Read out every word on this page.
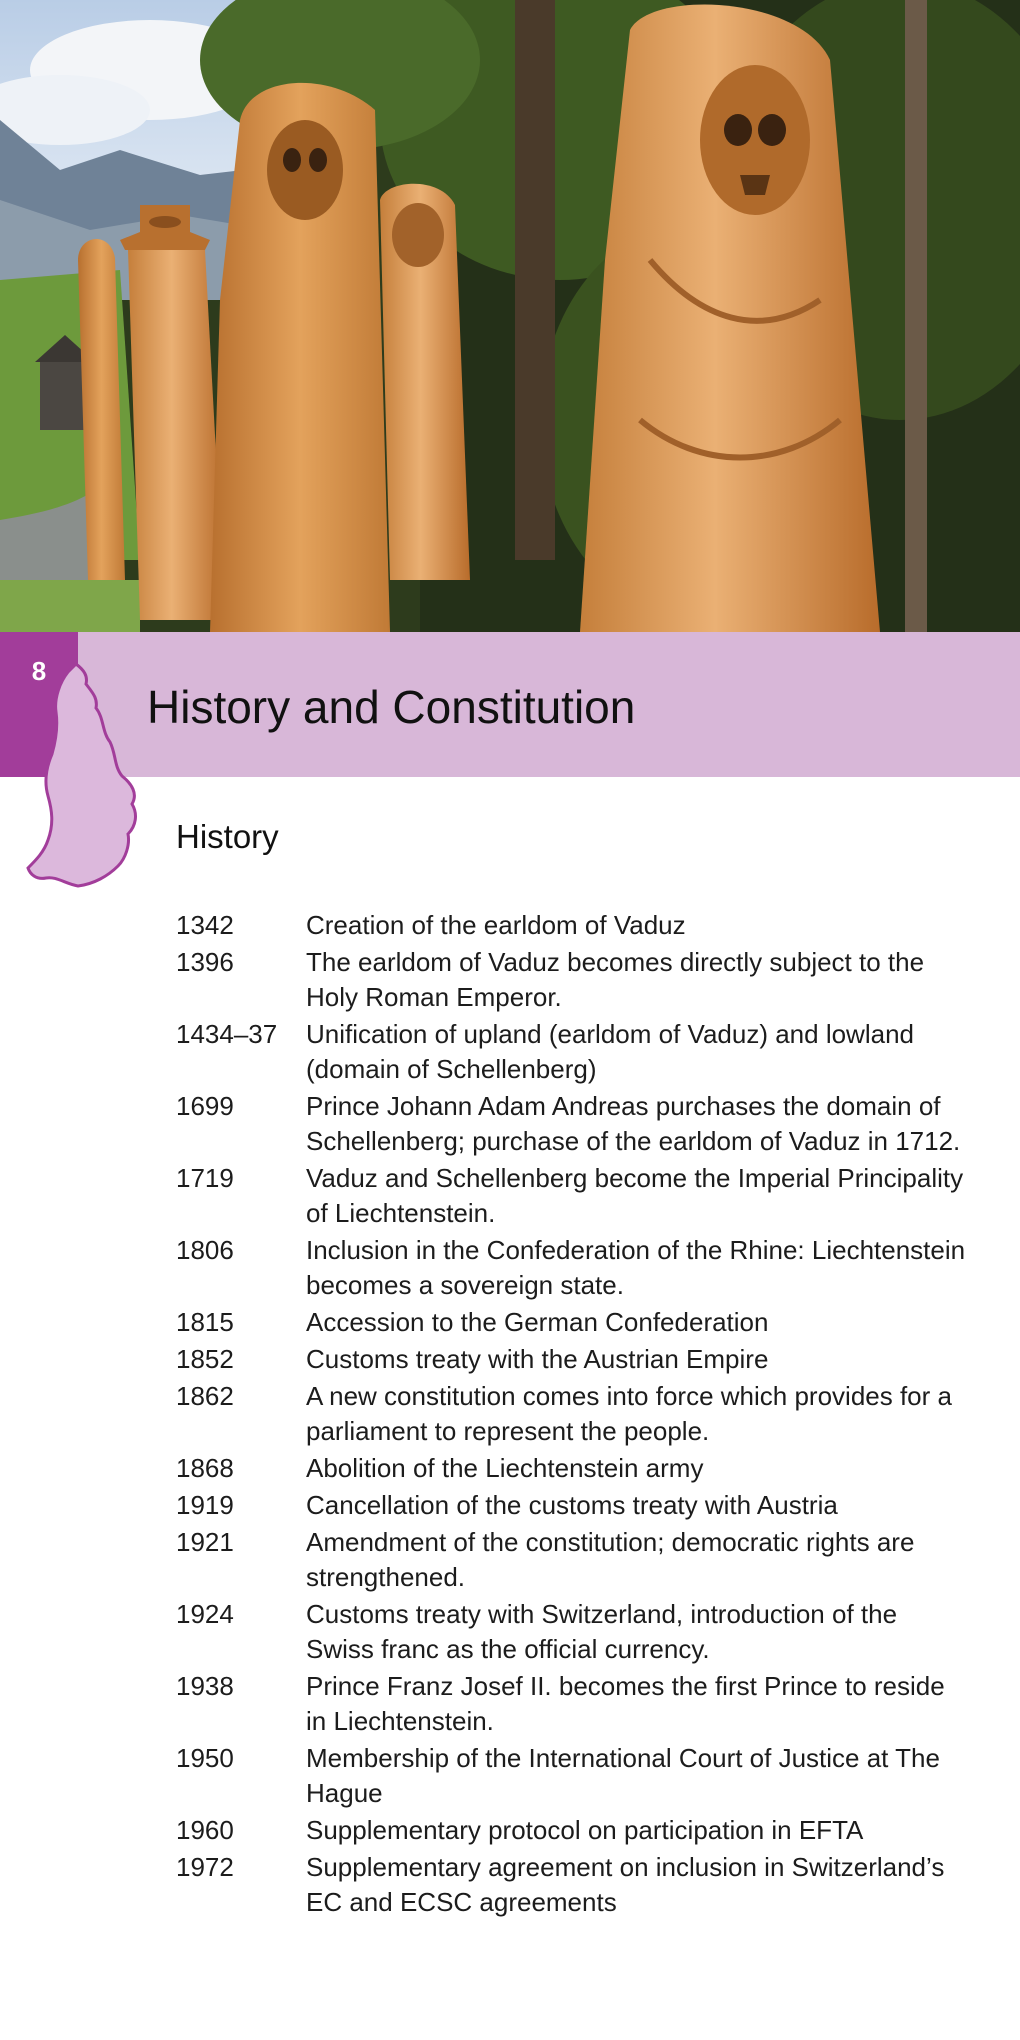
8
History and Constitution
History
1342	Creation of the earldom of Vaduz
1396	The earldom of Vaduz becomes directly subject to the Holy Roman Emperor.
1434–37	Unification of upland (earldom of Vaduz) and lowland (domain of Schellenberg)
1699	Prince Johann Adam Andreas purchases the domain of Schellenberg; purchase of the earldom of Vaduz in 1712.
1719	Vaduz and Schellenberg become the Imperial Principality of Liechtenstein.
1806	Inclusion in the Confederation of the Rhine: Liechtenstein becomes a sovereign state.
1815	Accession to the German Confederation
1852	Customs treaty with the Austrian Empire
1862	A new constitution comes into force which provides for a parliament to represent the people.
1868	Abolition of the Liechtenstein army
1919	Cancellation of the customs treaty with Austria
1921	Amendment of the constitution; democratic rights are strengthened.
1924	Customs treaty with Switzerland, introduction of the Swiss franc as the official currency.
1938	Prince Franz Josef II. becomes the first Prince to reside in Liechtenstein.
1950	Membership of the International Court of Justice at The Hague
1960	Supplementary protocol on participation in EFTA
1972	Supplementary agreement on inclusion in Switzerland’s EC and ECSC agreements
